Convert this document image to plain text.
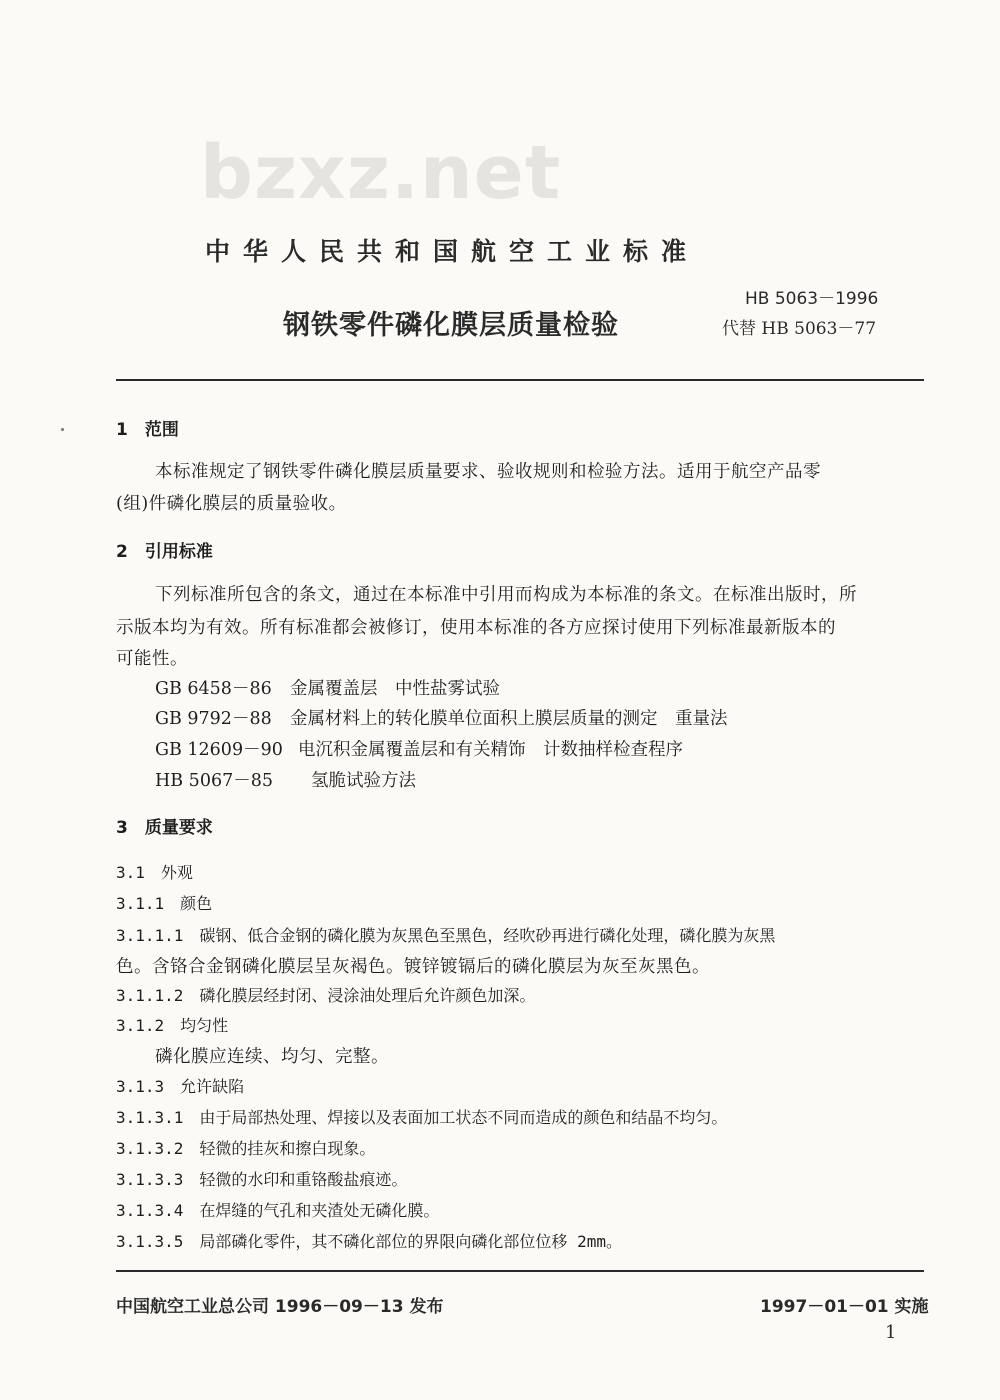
bzxz.net
中华人民共和国航空工业标准
钢铁零件磷化膜层质量检验
HB 5063－1996
代替 HB 5063－77
1　范围
本标准规定了钢铁零件磷化膜层质量要求、验收规则和检验方法。适用于航空产品零
(组)件磷化膜层的质量验收。
2　引用标准
下列标准所包含的条文，通过在本标准中引用而构成为本标准的条文。在标准出版时，所
示版本均为有效。所有标准都会被修订，使用本标准的各方应探讨使用下列标准最新版本的
可能性。
GB 6458－86 金属覆盖层　中性盐雾试验
GB 9792－88 金属材料上的转化膜单位面积上膜层质量的测定　重量法
GB 12609－90 电沉积金属覆盖层和有关精饰　计数抽样检查程序
HB 5067－85 氢脆试验方法
3　质量要求
3.1　外观
3.1.1　颜色
3.1.1.1　碳钢、低合金钢的磷化膜为灰黑色至黑色，经吹砂再进行磷化处理，磷化膜为灰黑
色。含铬合金钢磷化膜层呈灰褐色。镀锌镀镉后的磷化膜层为灰至灰黑色。
3.1.1.2　磷化膜层经封闭、浸涂油处理后允许颜色加深。
3.1.2　均匀性
磷化膜应连续、均匀、完整。
3.1.3　允许缺陷
3.1.3.1　由于局部热处理、焊接以及表面加工状态不同而造成的颜色和结晶不均匀。
3.1.3.2　轻微的挂灰和擦白现象。
3.1.3.3　轻微的水印和重铬酸盐痕迹。
3.1.3.4　在焊缝的气孔和夹渣处无磷化膜。
3.1.3.5　局部磷化零件，其不磷化部位的界限向磷化部位位移 2mm。
中国航空工业总公司 1996－09－13 发布	1997－01－01 实施
1
